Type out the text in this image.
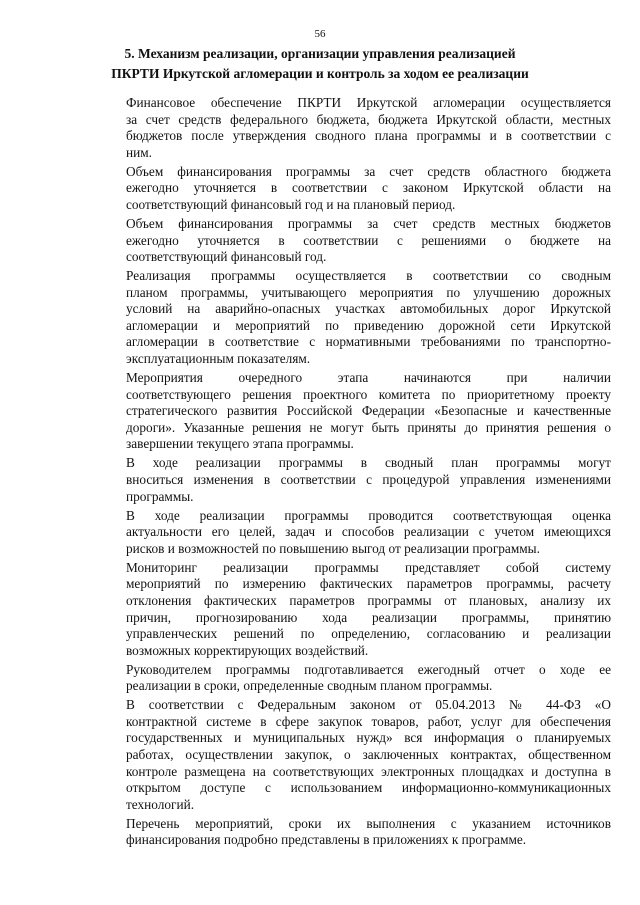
56
5. Механизм реализации, организации управления реализацией
ПКРТИ Иркутской агломерации и контроль за ходом ее реализации

Финансовое обеспечение ПКРТИ Иркутской агломерации осуществляется
за счет средств федерального бюджета, бюджета Иркутской области, местных
бюджетов после утверждения сводного плана программы и в соответствии с
ним.

Объем финансирования программы за счет средств областного бюджета
ежегодно уточняется в соответствии с законом Иркутской области на
соответствующий финансовый год и на плановый период.

Объем финансирования программы за счет средств местных бюджетов
ежегодно уточняется в соответствии с решениями о бюджете на
соответствующий финансовый год.

Реализация программы осуществляется в соответствии со сводным
планом программы, учитывающего мероприятия по улучшению дорожных
условий на аварийно-опасных участках автомобильных дорог Иркутской
агломерации и мероприятий по приведению дорожной сети Иркутской
агломерации в соответствие с нормативными требованиями по транспортно-
эксплуатационным показателям.

Мероприятия очередного этапа начинаются при наличии
соответствующего решения проектного комитета по приоритетному проекту
стратегического развития Российской Федерации «Безопасные и качественные
дороги». Указанные решения не могут быть приняты до принятия решения о
завершении текущего этапа программы.

В ходе реализации программы в сводный план программы могут
вноситься изменения в соответствии с процедурой управления изменениями
программы.

В ходе реализации программы проводится соответствующая оценка
актуальности его целей, задач и способов реализации с учетом имеющихся
рисков и возможностей по повышению выгод от реализации программы.

Мониторинг реализации программы представляет собой систему
мероприятий по измерению фактических параметров программы, расчету
отклонения фактических параметров программы от плановых, анализу их
причин, прогнозированию хода реализации программы, принятию
управленческих решений по определению, согласованию и реализации
возможных корректирующих воздействий.

Руководителем программы подготавливается ежегодный отчет о ходе ее
реализации в сроки, определенные сводным планом программы.

В соответствии с Федеральным законом от 05.04.2013 № 44-ФЗ «О
контрактной системе в сфере закупок товаров, работ, услуг для обеспечения
государственных и муниципальных нужд» вся информация о планируемых
работах, осуществлении закупок, о заключенных контрактах, общественном
контроле размещена на соответствующих электронных площадках и доступна в
открытом доступе с использованием информационно-коммуникационных
технологий.

Перечень мероприятий, сроки их выполнения с указанием источников
финансирования подробно представлены в приложениях к программе.
